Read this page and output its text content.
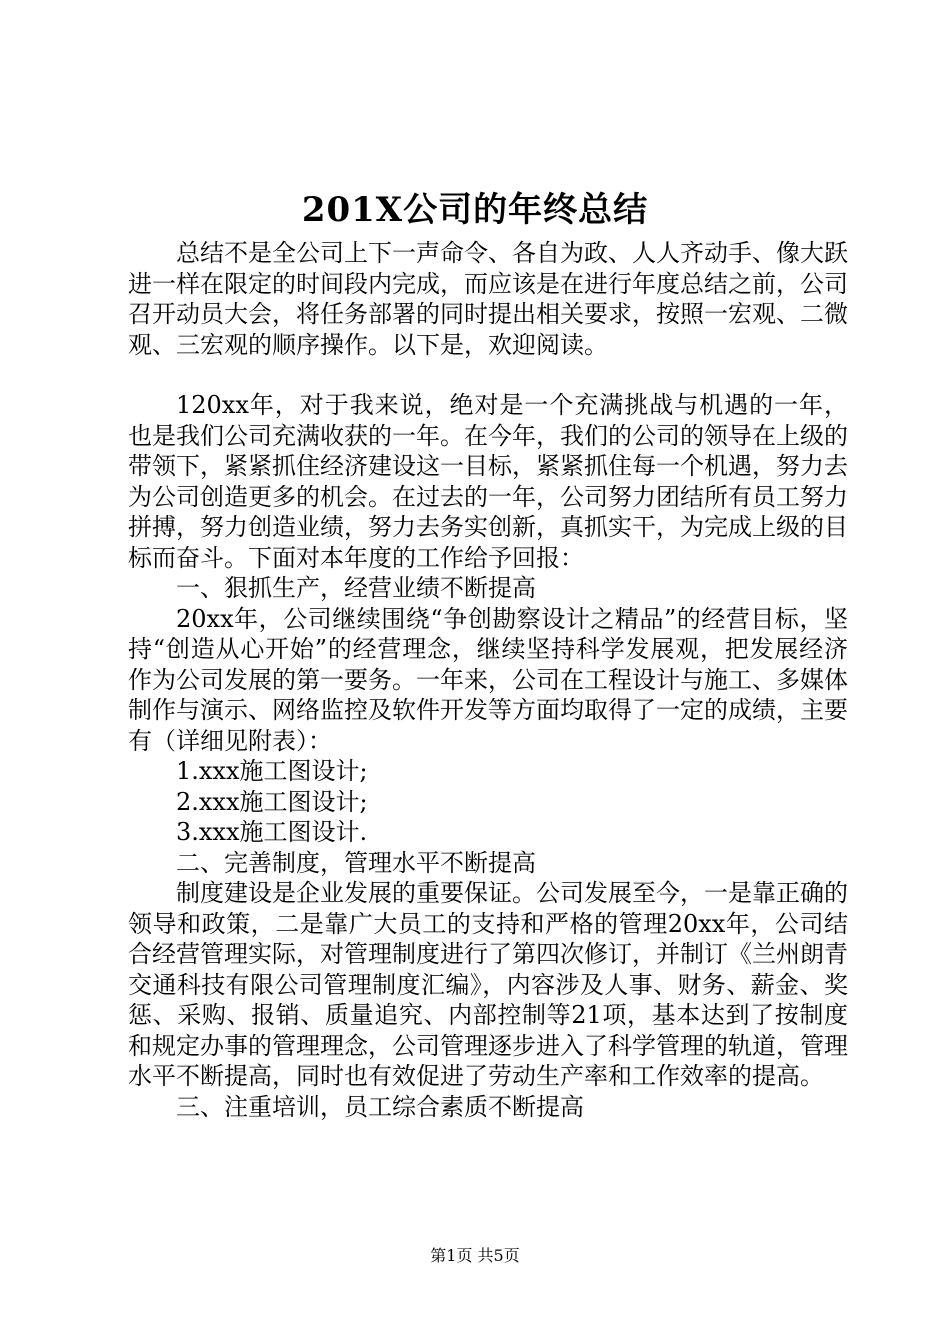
201X公司的年终总结

总结不是全公司上下一声命令、各自为政、人人齐动手、像大跃进一样在限定的时间段内完成，而应该是在进行年度总结之前，公司召开动员大会，将任务部署的同时提出相关要求，按照一宏观、二微观、三宏观的顺序操作。以下是，欢迎阅读。

120xx年，对于我来说，绝对是一个充满挑战与机遇的一年，也是我们公司充满收获的一年。在今年，我们的公司的领导在上级的带领下，紧紧抓住经济建设这一目标，紧紧抓住每一个机遇，努力去为公司创造更多的机会。在过去的一年，公司努力团结所有员工努力拼搏，努力创造业绩，努力去务实创新，真抓实干，为完成上级的目标而奋斗。下面对本年度的工作给予回报：

一、狠抓生产，经营业绩不断提高

20xx年，公司继续围绕“争创勘察设计之精品”的经营目标，坚持“创造从心开始”的经营理念，继续坚持科学发展观，把发展经济作为公司发展的第一要务。一年来，公司在工程设计与施工、多媒体制作与演示、网络监控及软件开发等方面均取得了一定的成绩，主要有（详细见附表）：

1.xxx施工图设计;

2.xxx施工图设计;

3.xxx施工图设计.

二、完善制度，管理水平不断提高

制度建设是企业发展的重要保证。公司发展至今，一是靠正确的领导和政策，二是靠广大员工的支持和严格的管理20xx年，公司结合经营管理实际，对管理制度进行了第四次修订，并制订《兰州朗青交通科技有限公司管理制度汇编》，内容涉及人事、财务、薪金、奖惩、采购、报销、质量追究、内部控制等21项，基本达到了按制度和规定办事的管理理念，公司管理逐步进入了科学管理的轨道，管理水平不断提高，同时也有效促进了劳动生产率和工作效率的提高。

三、注重培训，员工综合素质不断提高

第1页 共5页
